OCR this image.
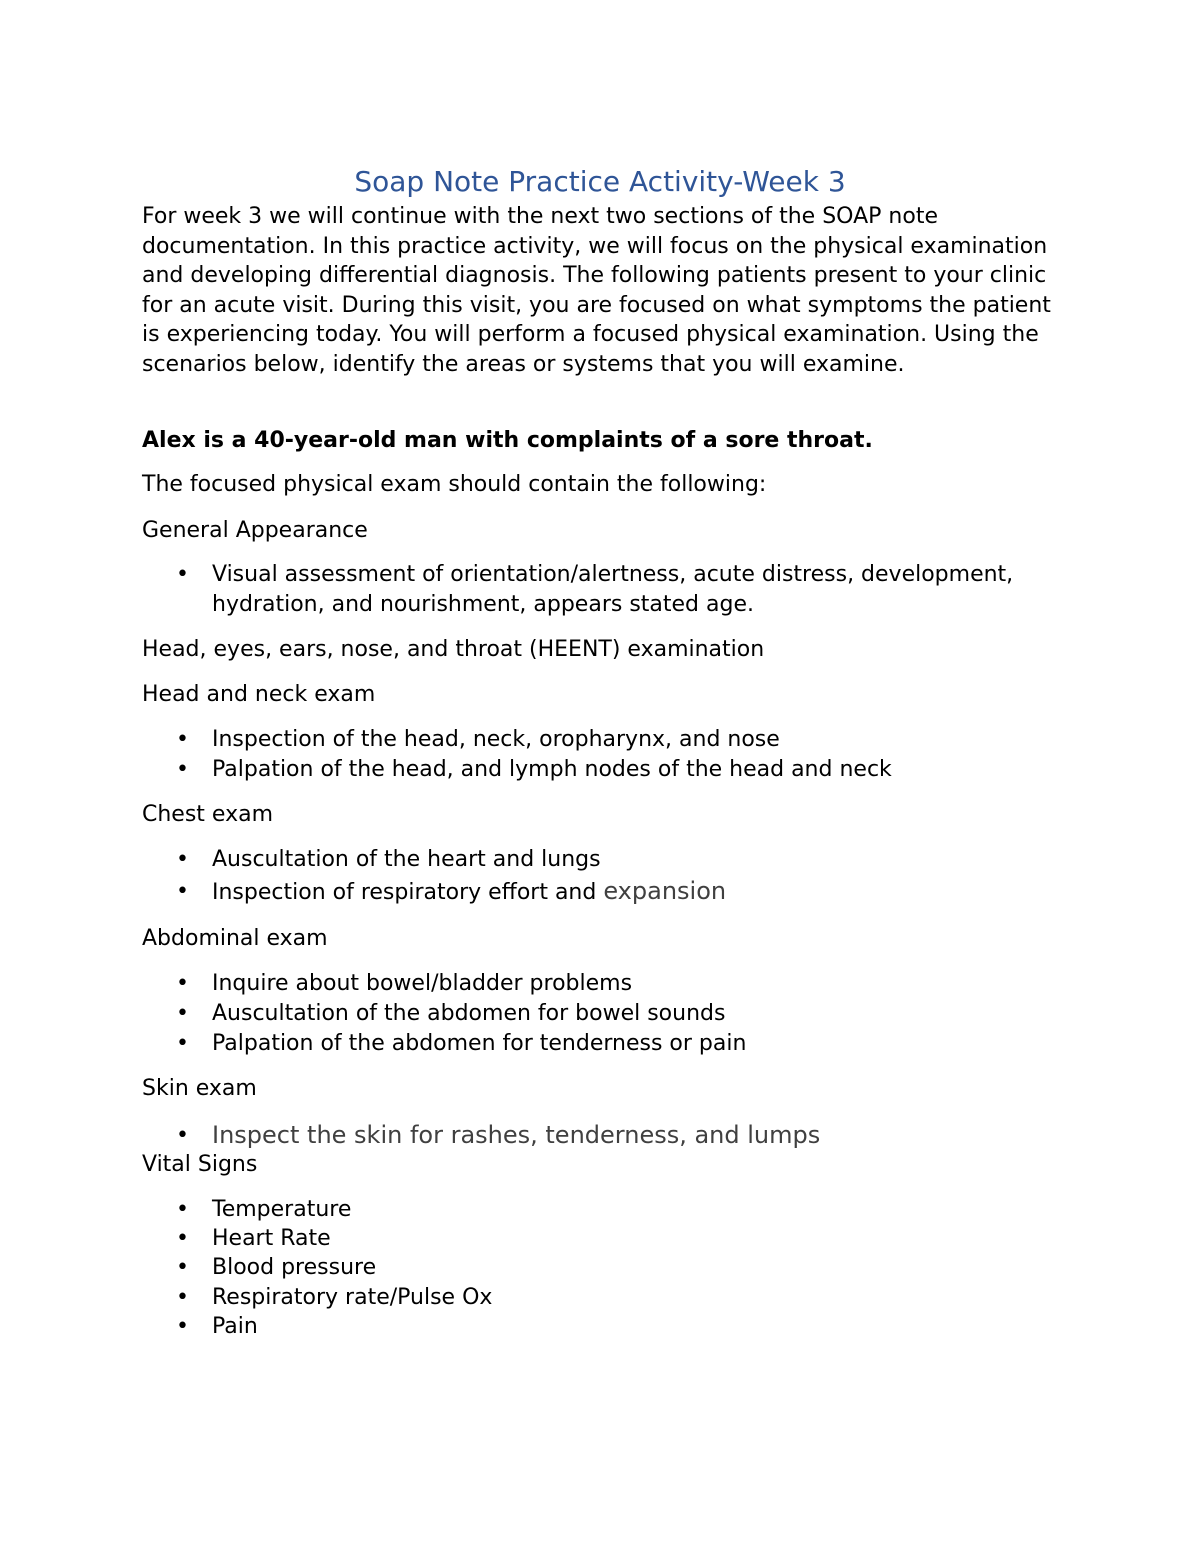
Soap Note Practice Activity-Week 3

For week 3 we will continue with the next two sections of the SOAP note documentation. In this practice activity, we will focus on the physical examination and developing differential diagnosis. The following patients present to your clinic for an acute visit. During this visit, you are focused on what symptoms the patient is experiencing today. You will perform a focused physical examination. Using the scenarios below, identify the areas or systems that you will examine.

Alex is a 40-year-old man with complaints of a sore throat.

The focused physical exam should contain the following:

General Appearance

• Visual assessment of orientation/alertness, acute distress, development, hydration, and nourishment, appears stated age.

Head, eyes, ears, nose, and throat (HEENT) examination

Head and neck exam

• Inspection of the head, neck, oropharynx, and nose

• Palpation of the head, and lymph nodes of the head and neck

Chest exam

• Auscultation of the heart and lungs

• Inspection of respiratory effort and expansion

Abdominal exam

• Inquire about bowel/bladder problems

• Auscultation of the abdomen for bowel sounds

• Palpation of the abdomen for tenderness or pain

Skin exam

• Inspect the skin for rashes, tenderness, and lumps

Vital Signs

• Temperature

• Heart Rate

• Blood pressure

• Respiratory rate/Pulse Ox

• Pain
